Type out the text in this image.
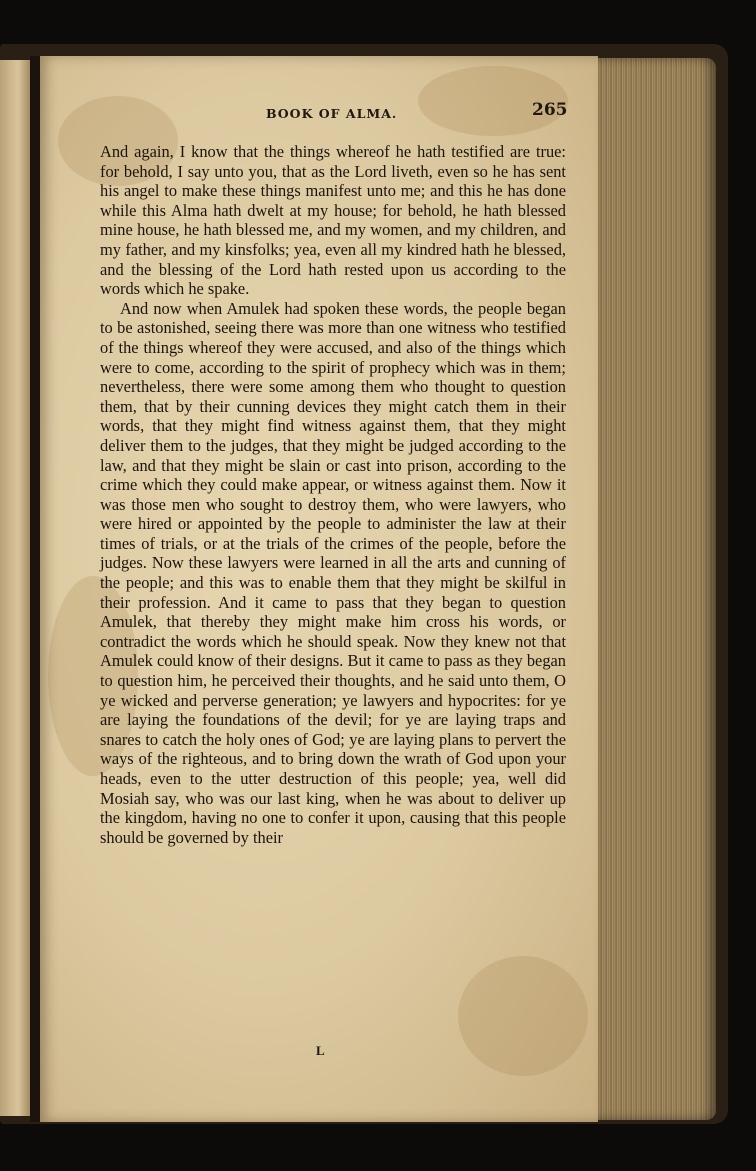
BOOK OF ALMA.	265

And again, I know that the things whereof he hath testified are true: for behold, I say unto you, that as the Lord liveth, even so he has sent his angel to make these things manifest unto me; and this he has done while this Alma hath dwelt at my house; for behold, he hath blessed mine house, he hath blessed me, and my women, and my children, and my father, and my kinsfolks; yea, even all my kindred hath he blessed, and the blessing of the Lord hath rested upon us according to the words which he spake.

And now when Amulek had spoken these words, the people began to be astonished, seeing there was more than one witness who testified of the things whereof they were accused, and also of the things which were to come, according to the spirit of prophecy which was in them; nevertheless, there were some among them who thought to question them, that by their cunning devices they might catch them in their words, that they might find witness against them, that they might deliver them to the judges, that they might be judged according to the law, and that they might be slain or cast into prison, according to the crime which they could make appear, or witness against them. Now it was those men who sought to destroy them, who were lawyers, who were hired or appointed by the people to administer the law at their times of trials, or at the trials of the crimes of the people, before the judges. Now these lawyers were learned in all the arts and cunning of the people; and this was to enable them that they might be skilful in their profession. And it came to pass that they began to question Amulek, that thereby they might make him cross his words, or contradict the words which he should speak. Now they knew not that Amulek could know of their designs. But it came to pass as they began to question him, he perceived their thoughts, and he said unto them, O ye wicked and perverse generation; ye lawyers and hypocrites: for ye are laying the foundations of the devil; for ye are laying traps and snares to catch the holy ones of God; ye are laying plans to pervert the ways of the righteous, and to bring down the wrath of God upon your heads, even to the utter destruction of this people; yea, well did Mosiah say, who was our last king, when he was about to deliver up the kingdom, having no one to confer it upon, causing that this people should be governed by their

L
